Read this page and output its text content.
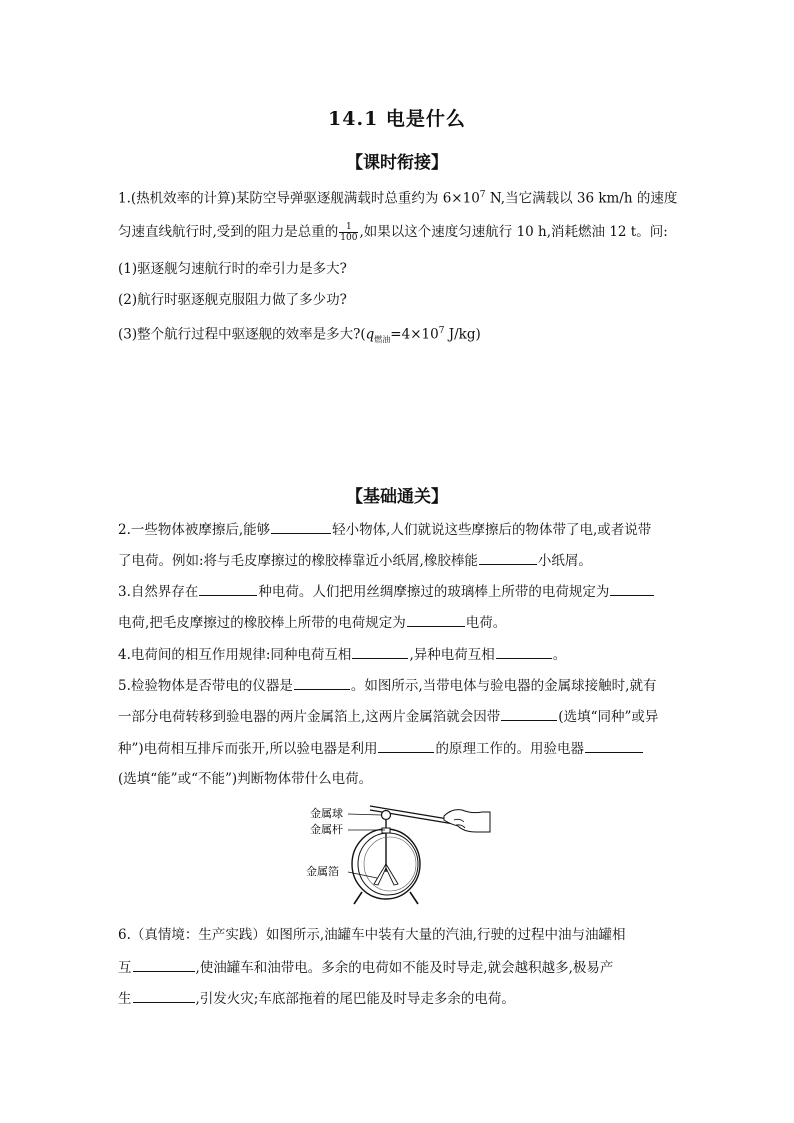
14.1 电是什么
【课时衔接】
1.(热机效率的计算)某防空导弹驱逐舰满载时总重约为 $6\times 10^7$ N,当它满载以 36 km/h 的速度
匀速直线航行时,受到的阻力是总重的 $\frac{1}{100}$ ,如果以这个速度匀速航行 10 h,消耗燃油 12 t。问:
(1)驱逐舰匀速航行时的牵引力是多大?
(2)航行时驱逐舰克服阻力做了多少功?
(3)整个航行过程中驱逐舰的效率是多大$?(q_{燃油}=4\times 10^7$ J/kg)
【基础通关】
2.一些物体被摩擦后,能够	轻小物体,人们就说这些摩擦后的物体带了电,或者说带
了电荷。例如:将与毛皮摩擦过的橡胶棒靠近小纸屑,橡胶棒能	小纸屑。
3.自然界存在	种电荷。人们把用丝绸摩擦过的玻璃棒上所带的电荷规定为
电荷,把毛皮摩擦过的橡胶棒上所带的电荷规定为	电荷。
4.电荷间的相互作用规律:同种电荷互相	,异种电荷互相	。
5.检验物体是否带电的仪器是	。如图所示,当带电体与验电器的金属球接触时,就有
一部分电荷转移到验电器的两片金属箔上,这两片金属箔就会因带	(选填“同种”或异
种”)电荷相互排斥而张开,所以验电器是利用	的原理工作的。用验电器
(选填“能”或“不能”)判断物体带什么电荷。
金属球
金属杆
金属箔
6.（真情境：生产实践）如图所示,油罐车中装有大量的汽油,行驶的过程中油与油罐相
互	,使油罐车和油带电。多余的电荷如不能及时导走,就会越积越多,极易产
生	,引发火灾;车底部拖着的尾巴能及时导走多余的电荷。
